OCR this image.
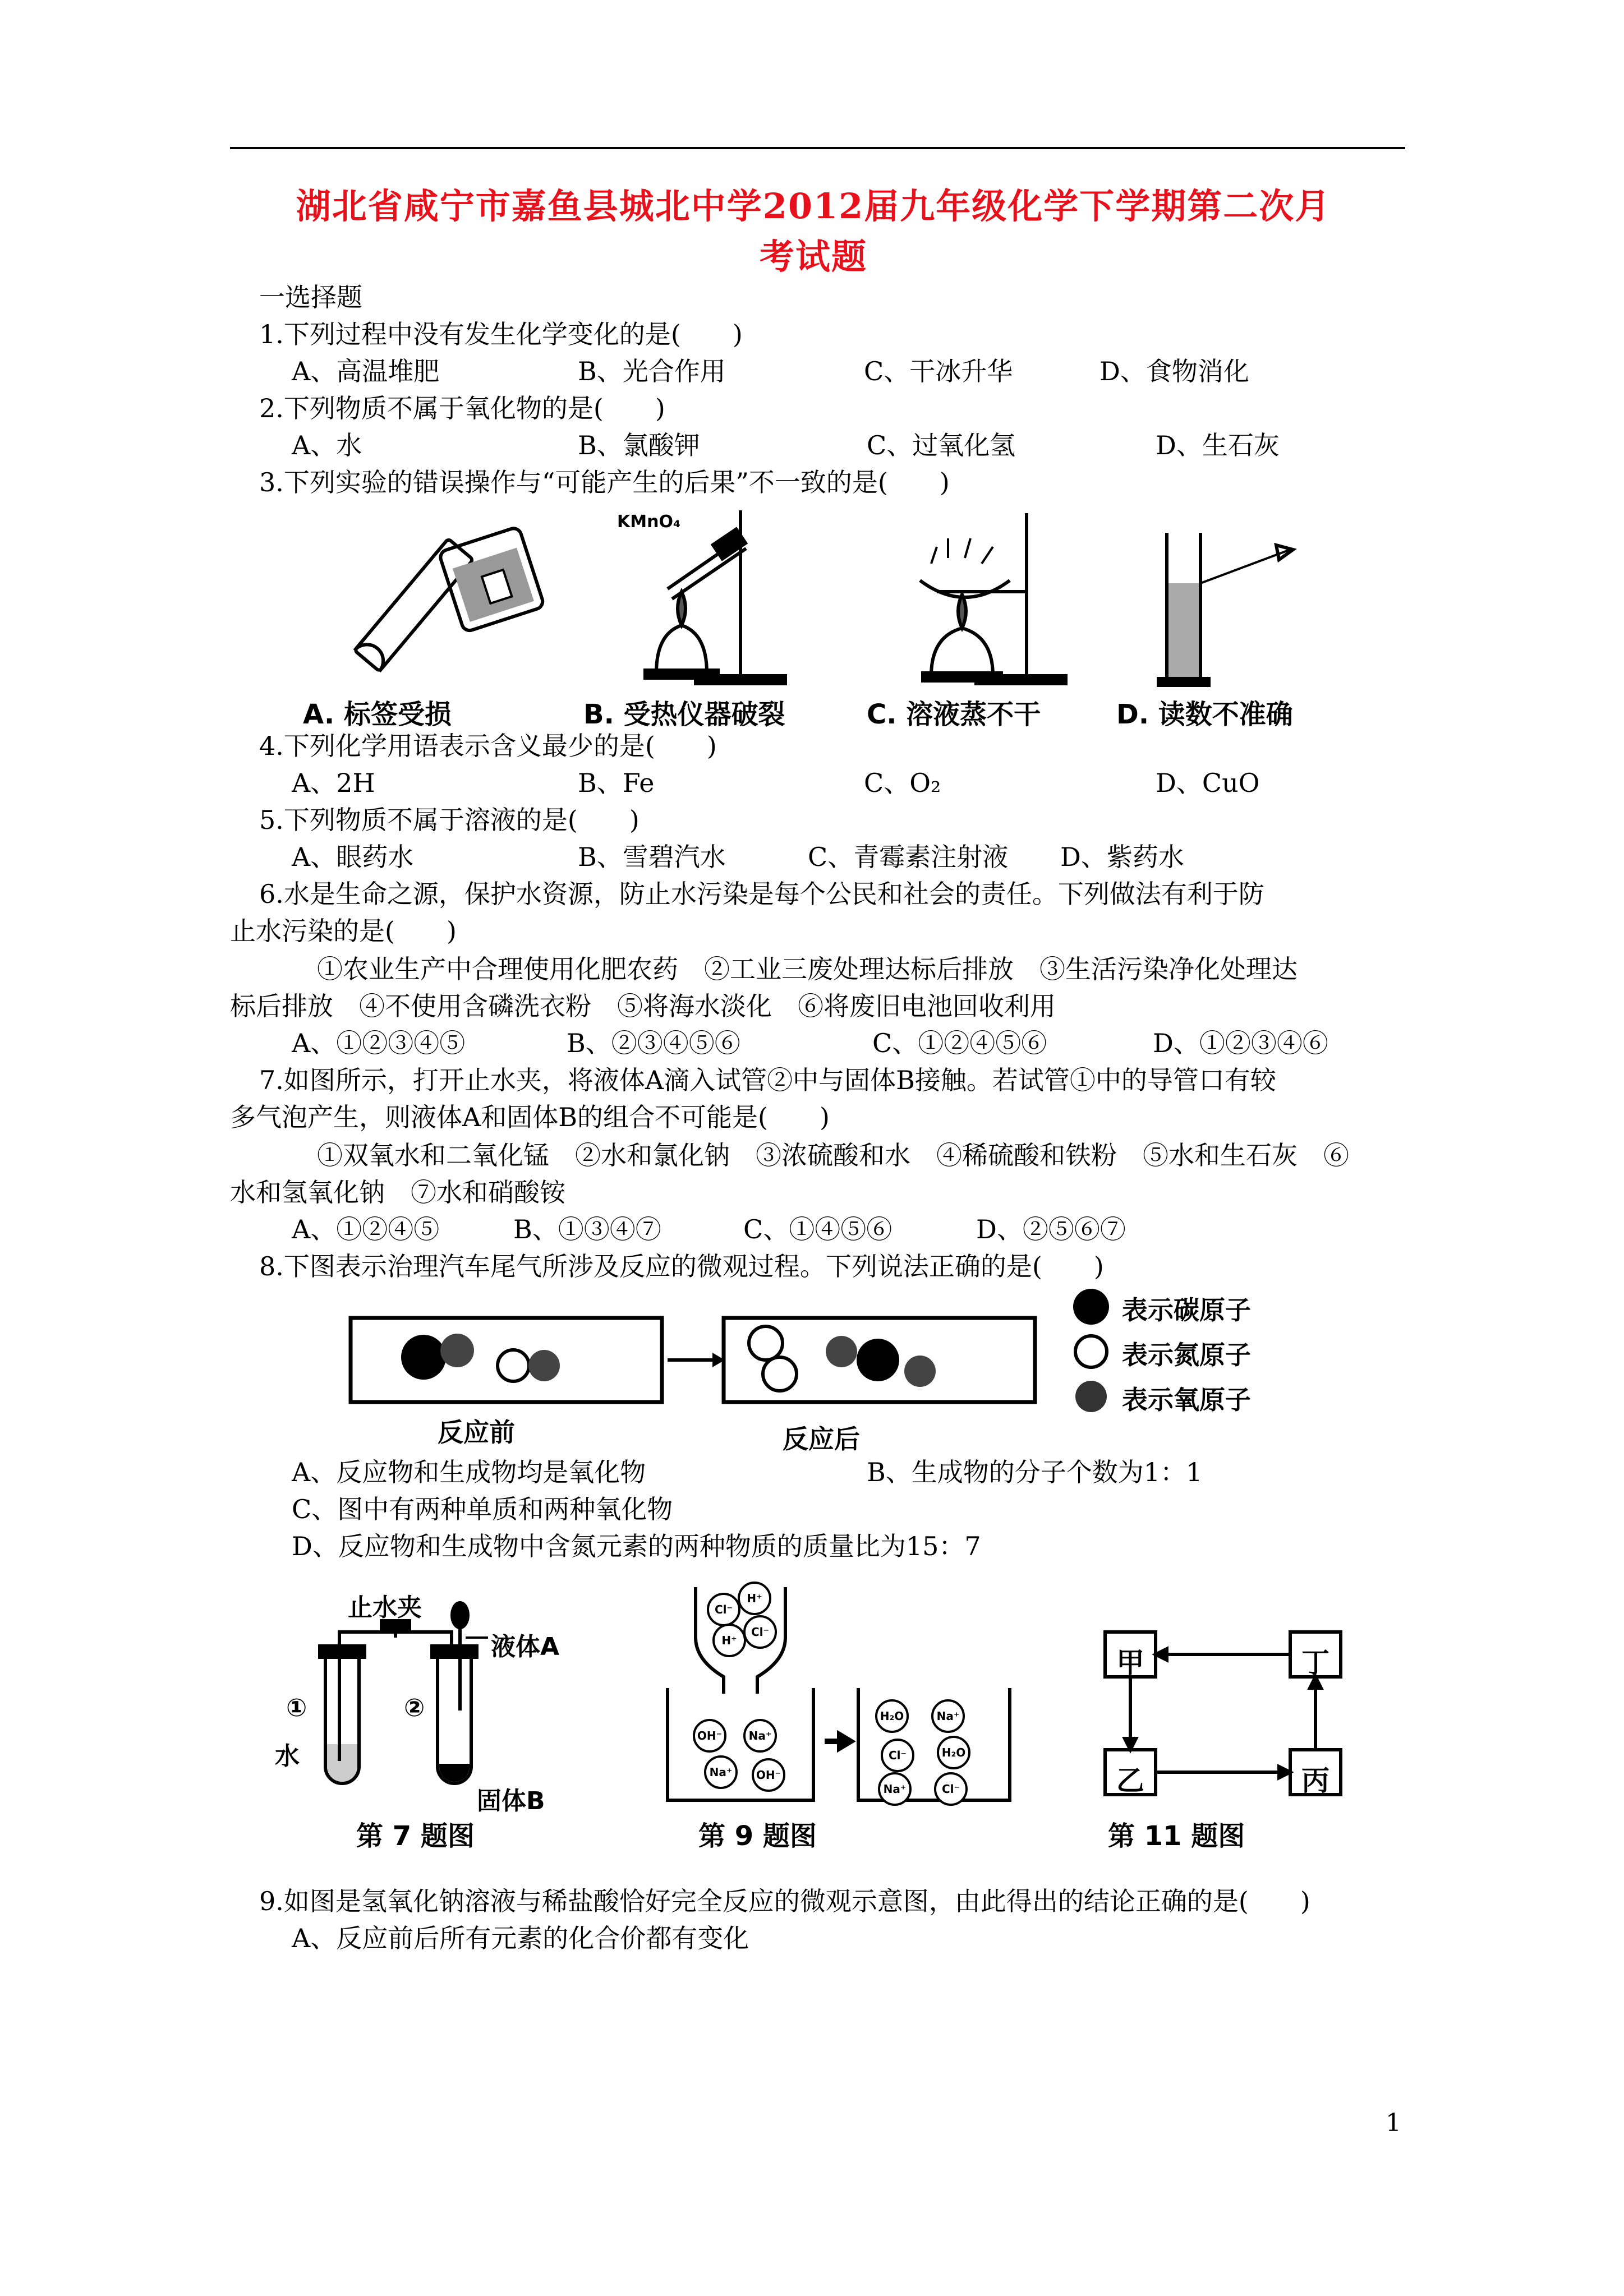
湖北省咸宁市嘉鱼县城北中学2012届九年级化学下学期第二次月
考试题
一选择题
1.下列过程中没有发生化学变化的是(　　)
A、高温堆肥	B、光合作用	C、干冰升华	D、食物消化
2.下列物质不属于氧化物的是(　　)
A、水	B、氯酸钾	C、过氧化氢	D、生石灰
3.下列实验的错误操作与“可能产生的后果”不一致的是(　　)
KMnO₄
A. 标签受损	B. 受热仪器破裂	C. 溶液蒸不干	D. 读数不准确
4.下列化学用语表示含义最少的是(　　)
A、2H	B、Fe	C、O₂	D、CuO
5.下列物质不属于溶液的是(　　)
A、眼药水	B、雪碧汽水	C、青霉素注射液 D、紫药水
6.水是生命之源，保护水资源，防止水污染是每个公民和社会的责任。下列做法有利于防
止水污染的是(　　)
①农业生产中合理使用化肥农药　②工业三废处理达标后排放　③生活污染净化处理达
标后排放　④不使用含磷洗衣粉　⑤将海水淡化　⑥将废旧电池回收利用
A、①②③④⑤	B、②③④⑤⑥	C、①②④⑤⑥	D、①②③④⑥
7.如图所示，打开止水夹，将液体A滴入试管②中与固体B接触。若试管①中的导管口有较
多气泡产生，则液体A和固体B的组合不可能是(　　)
①双氧水和二氧化锰　②水和氯化钠　③浓硫酸和水　④稀硫酸和铁粉　⑤水和生石灰　⑥
水和氢氧化钠　⑦水和硝酸铵
A、①②④⑤	B、①③④⑦	C、①④⑤⑥	D、②⑤⑥⑦
8.下图表示治理汽车尾气所涉及反应的微观过程。下列说法正确的是(　　)
反应前	反应后
表示碳原子
表示氮原子
表示氧原子
A、反应物和生成物均是氧化物	B、生成物的分子个数为1：1
C、图中有两种单质和两种氧化物
D、反应物和生成物中含氮元素的两种物质的质量比为15：7
止水夹
液体A
①	②
水
固体B
第 7 题图	第 9 题图
甲	丁
乙	丙
第 11 题图
9.如图是氢氧化钠溶液与稀盐酸恰好完全反应的微观示意图，由此得出的结论正确的是(　　)
A、反应前后所有元素的化合价都有变化
1
Cl⁻
H⁺
H⁺
Cl⁻
OH⁻	Na⁺
Na⁺	OH⁻
H₂O	Na⁺
Cl⁻	H₂O
Na⁺	Cl⁻
